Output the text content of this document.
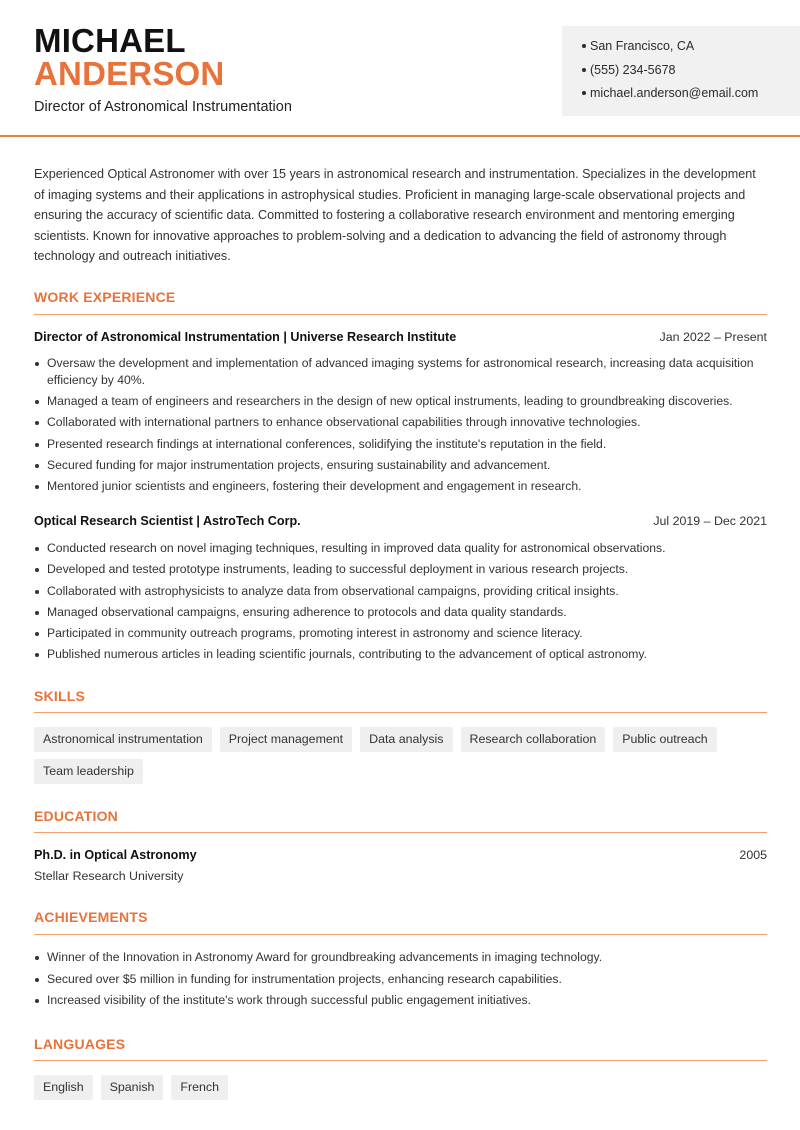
MICHAEL
ANDERSON
Director of Astronomical Instrumentation
San Francisco, CA
(555) 234-5678
michael.anderson@email.com

Experienced Optical Astronomer with over 15 years in astronomical research and instrumentation. Specializes in the development of imaging systems and their applications in astrophysical studies. Proficient in managing large-scale observational projects and ensuring the accuracy of scientific data. Committed to fostering a collaborative research environment and mentoring emerging scientists. Known for innovative approaches to problem-solving and a dedication to advancing the field of astronomy through technology and outreach initiatives.

WORK EXPERIENCE
Director of Astronomical Instrumentation | Universe Research Institute	Jan 2022 – Present
Oversaw the development and implementation of advanced imaging systems for astronomical research, increasing data acquisition efficiency by 40%.
Managed a team of engineers and researchers in the design of new optical instruments, leading to groundbreaking discoveries.
Collaborated with international partners to enhance observational capabilities through innovative technologies.
Presented research findings at international conferences, solidifying the institute's reputation in the field.
Secured funding for major instrumentation projects, ensuring sustainability and advancement.
Mentored junior scientists and engineers, fostering their development and engagement in research.
Optical Research Scientist | AstroTech Corp.	Jul 2019 – Dec 2021
Conducted research on novel imaging techniques, resulting in improved data quality for astronomical observations.
Developed and tested prototype instruments, leading to successful deployment in various research projects.
Collaborated with astrophysicists to analyze data from observational campaigns, providing critical insights.
Managed observational campaigns, ensuring adherence to protocols and data quality standards.
Participated in community outreach programs, promoting interest in astronomy and science literacy.
Published numerous articles in leading scientific journals, contributing to the advancement of optical astronomy.
SKILLS
Astronomical instrumentation	Project management	Data analysis	Research collaboration	Public outreach
Team leadership
EDUCATION
Ph.D. in Optical Astronomy	2005
Stellar Research University
ACHIEVEMENTS
Winner of the Innovation in Astronomy Award for groundbreaking advancements in imaging technology.
Secured over $5 million in funding for instrumentation projects, enhancing research capabilities.
Increased visibility of the institute's work through successful public engagement initiatives.
LANGUAGES
English	Spanish	French
